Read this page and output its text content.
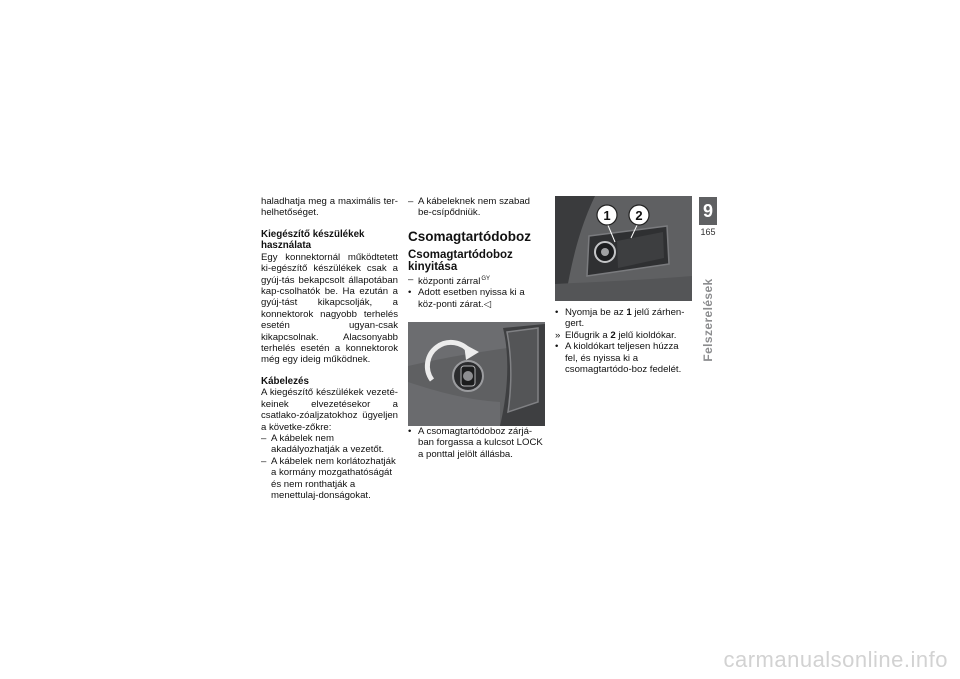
haladhatja meg a maximális ter-helhetőséget.

Kiegészítő készülékek használata

Egy konnektornál működtetett ki-egészítő készülékek csak a gyúj-tás bekapcsolt állapotában kap-csolhatók be. Ha ezután a gyúj-tást kikapcsolják, a konnektorok nagyobb terhelés esetén ugyan-csak kikapcsolnak. Alacsonyabb terhelés esetén a konnektorok még egy ideig működnek.

Kábelezés

A kiegészítő készülékek vezeté-keinek elvezetésekor a csatlako-zóaljzatokhoz ügyeljen a követke-zőkre:

– A kábelek nem akadályozhatják a vezetőt.
– A kábelek nem korlátozhatják a kormány mozgathatóságát és nem ronthatják a menettulaj-donságokat.
– A kábeleknek nem szabad be-csípődniük.
Csomagtartódoboz
Csomagtartódoboz kinyitása
– központi zárral$^{GY}$
• Adott esetben nyissa ki a köz-ponti zárat.◁
• A csomagtartódoboz zárjá-ban forgassa a kulcsot LOCK a ponttal jelölt állásba.
1 2
• Nyomja be az 1 jelű zárhen-gert.
» Előugrik a 2 jelű kioldókar.
• A kioldókart teljesen húzza fel, és nyissa ki a csomagtartódo-boz fedelét.
9
165
Felszerelések
carmanualsonline.info
